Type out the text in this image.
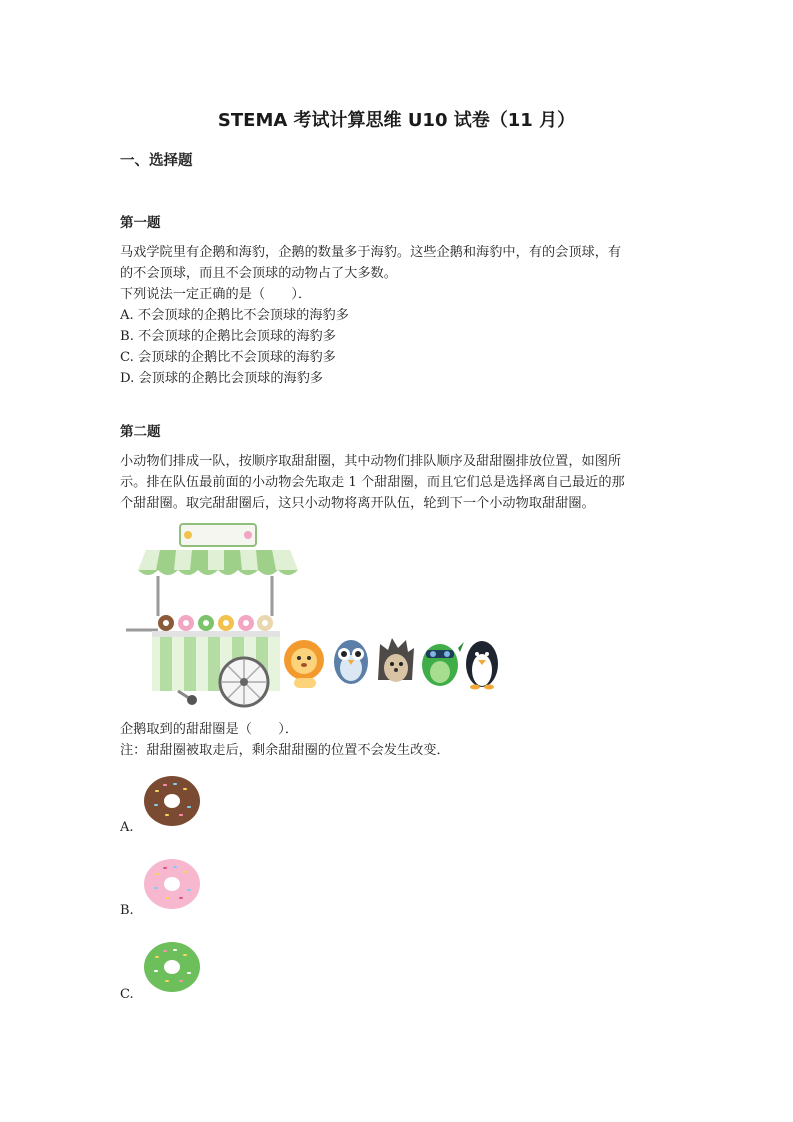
STEMA 考试计算思维 U10 试卷（11 月）
一、选择题
第一题
马戏学院里有企鹅和海豹，企鹅的数量多于海豹。这些企鹅和海豹中，有的会顶球，有
的不会顶球，而且不会顶球的动物占了大多数。
下列说法一定正确的是（　　）．
A. 不会顶球的企鹅比不会顶球的海豹多
B. 不会顶球的企鹅比会顶球的海豹多
C. 会顶球的企鹅比不会顶球的海豹多
D. 会顶球的企鹅比会顶球的海豹多
第二题
小动物们排成一队，按顺序取甜甜圈，其中动物们排队顺序及甜甜圈排放位置，如图所
示。排在队伍最前面的小动物会先取走 1 个甜甜圈，而且它们总是选择离自己最近的那
个甜甜圈。取完甜甜圈后，这只小动物将离开队伍，轮到下一个小动物取甜甜圈。
企鹅取到的甜甜圈是（　　）．
注：甜甜圈被取走后，剩余甜甜圈的位置不会发生改变．
A.
B.
C.
